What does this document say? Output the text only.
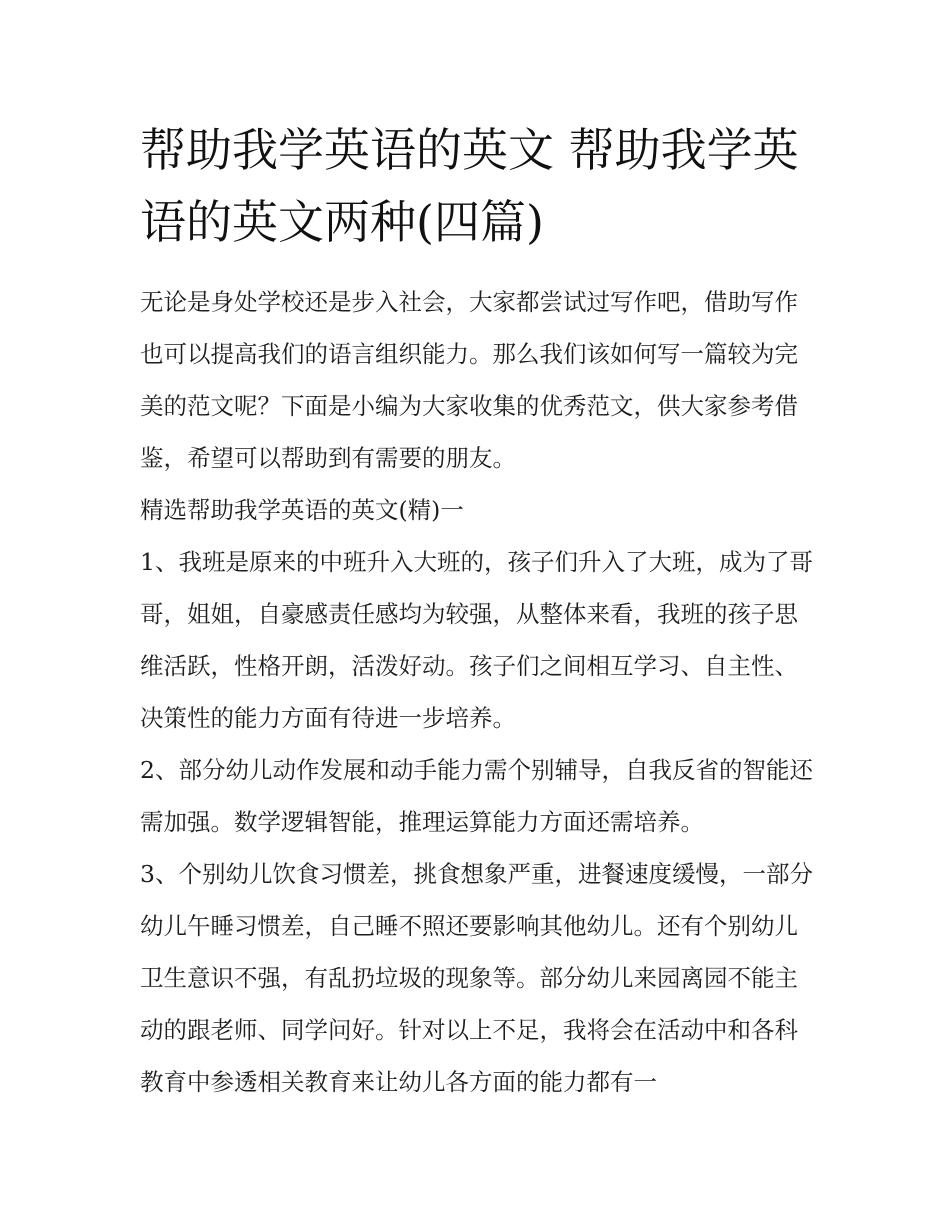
帮助我学英语的英文 帮助我学英语的英文两种(四篇)

无论是身处学校还是步入社会，大家都尝试过写作吧，借助写作也可以提高我们的语言组织能力。那么我们该如何写一篇较为完美的范文呢？下面是小编为大家收集的优秀范文，供大家参考借鉴，希望可以帮助到有需要的朋友。

精选帮助我学英语的英文(精)一

1、我班是原来的中班升入大班的，孩子们升入了大班，成为了哥哥，姐姐，自豪感责任感均为较强，从整体来看，我班的孩子思维活跃，性格开朗，活泼好动。孩子们之间相互学习、自主性、决策性的能力方面有待进一步培养。

2、部分幼儿动作发展和动手能力需个别辅导，自我反省的智能还需加强。数学逻辑智能，推理运算能力方面还需培养。

3、个别幼儿饮食习惯差，挑食想象严重，进餐速度缓慢，一部分幼儿午睡习惯差，自己睡不照还要影响其他幼儿。还有个别幼儿卫生意识不强，有乱扔垃圾的现象等。部分幼儿来园离园不能主动的跟老师、同学问好。针对以上不足，我将会在活动中和各科教育中参透相关教育来让幼儿各方面的能力都有一
